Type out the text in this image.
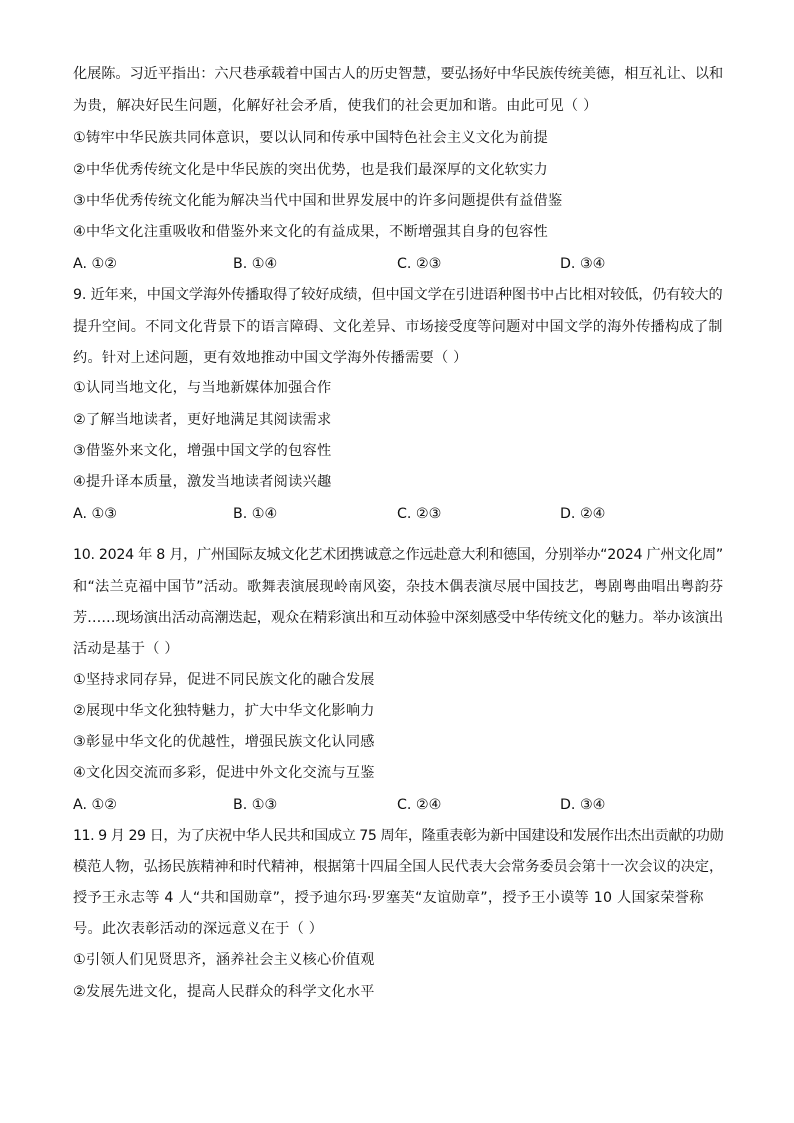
化展陈。习近平指出：六尺巷承载着中国古人的历史智慧，要弘扬好中华民族传统美德，相互礼让、以和
为贵，解决好民生问题，化解好社会矛盾，使我们的社会更加和谐。由此可见（ ）
①铸牢中华民族共同体意识，要以认同和传承中国特色社会主义文化为前提
②中华优秀传统文化是中华民族的突出优势，也是我们最深厚的文化软实力
③中华优秀传统文化能为解决当代中国和世界发展中的许多问题提供有益借鉴
④中华文化注重吸收和借鉴外来文化的有益成果，不断增强其自身的包容性
A. ①②	B. ①④	C. ②③	D. ③④
9. 近年来，中国文学海外传播取得了较好成绩，但中国文学在引进语种图书中占比相对较低，仍有较大的
提升空间。不同文化背景下的语言障碍、文化差异、市场接受度等问题对中国文学的海外传播构成了制
约。针对上述问题，更有效地推动中国文学海外传播需要（ ）
①认同当地文化，与当地新媒体加强合作
②了解当地读者，更好地满足其阅读需求
③借鉴外来文化，增强中国文学的包容性
④提升译本质量，激发当地读者阅读兴趣
A. ①③	B. ①④	C. ②③	D. ②④
10. 2024 年 8 月，广州国际友城文化艺术团携诚意之作远赴意大利和德国，分别举办“2024 广州文化周”
和“法兰克福中国节”活动。歌舞表演展现岭南风姿，杂技木偶表演尽展中国技艺，粤剧粤曲唱出粤韵芬
芳……现场演出活动高潮迭起，观众在精彩演出和互动体验中深刻感受中华传统文化的魅力。举办该演出
活动是基于（ ）
①坚持求同存异，促进不同民族文化的融合发展
②展现中华文化独特魅力，扩大中华文化影响力
③彰显中华文化的优越性，增强民族文化认同感
④文化因交流而多彩，促进中外文化交流与互鉴
A. ①②	B. ①③	C. ②④	D. ③④
11. 9 月 29 日，为了庆祝中华人民共和国成立 75 周年，隆重表彰为新中国建设和发展作出杰出贡献的功勋
模范人物，弘扬民族精神和时代精神，根据第十四届全国人民代表大会常务委员会第十一次会议的决定，
授予王永志等 4 人“共和国勋章”，授予迪尔玛·罗塞芙“友谊勋章”，授予王小谟等 10 人国家荣誉称
号。此次表彰活动的深远意义在于（ ）
①引领人们见贤思齐，涵养社会主义核心价值观
②发展先进文化，提高人民群众的科学文化水平
